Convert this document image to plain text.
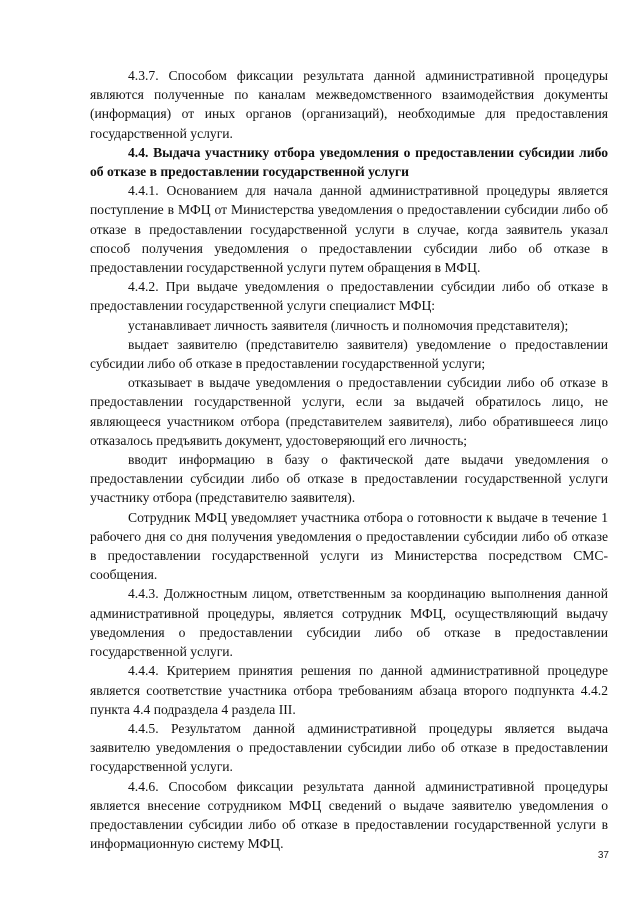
4.3.7. Способом фиксации результата данной административной процедуры являются полученные по каналам межведомственного взаимодействия документы (информация) от иных органов (организаций), необходимые для предоставления государственной услуги.

4.4. Выдача участнику отбора уведомления о предоставлении субсидии либо об отказе в предоставлении государственной услуги

4.4.1. Основанием для начала данной административной процедуры является поступление в МФЦ от Министерства уведомления о предоставлении субсидии либо об отказе в предоставлении государственной услуги в случае, когда заявитель указал способ получения уведомления о предоставлении субсидии либо об отказе в предоставлении государственной услуги путем обращения в МФЦ.

4.4.2. При выдаче уведомления о предоставлении субсидии либо об отказе в предоставлении государственной услуги специалист МФЦ:

устанавливает личность заявителя (личность и полномочия представителя);

выдает заявителю (представителю заявителя) уведомление о предоставлении субсидии либо об отказе в предоставлении государственной услуги;

отказывает в выдаче уведомления о предоставлении субсидии либо об отказе в предоставлении государственной услуги, если за выдачей обратилось лицо, не являющееся участником отбора (представителем заявителя), либо обратившееся лицо отказалось предъявить документ, удостоверяющий его личность;

вводит информацию в базу о фактической дате выдачи уведомления о предоставлении субсидии либо об отказе в предоставлении государственной услуги участнику отбора (представителю заявителя).

Сотрудник МФЦ уведомляет участника отбора о готовности к выдаче в течение 1 рабочего дня со дня получения уведомления о предоставлении субсидии либо об отказе в предоставлении государственной услуги из Министерства посредством СМС-сообщения.

4.4.3. Должностным лицом, ответственным за координацию выполнения данной административной процедуры, является сотрудник МФЦ, осуществляющий выдачу уведомления о предоставлении субсидии либо об отказе в предоставлении государственной услуги.

4.4.4. Критерием принятия решения по данной административной процедуре является соответствие участника отбора требованиям абзаца второго подпункта 4.4.2 пункта 4.4 подраздела 4 раздела III.

4.4.5. Результатом данной административной процедуры является выдача заявителю уведомления о предоставлении субсидии либо об отказе в предоставлении государственной услуги.

4.4.6. Способом фиксации результата данной административной процедуры является внесение сотрудником МФЦ сведений о выдаче заявителю уведомления о предоставлении субсидии либо об отказе в предоставлении государственной услуги в информационную систему МФЦ.

37
